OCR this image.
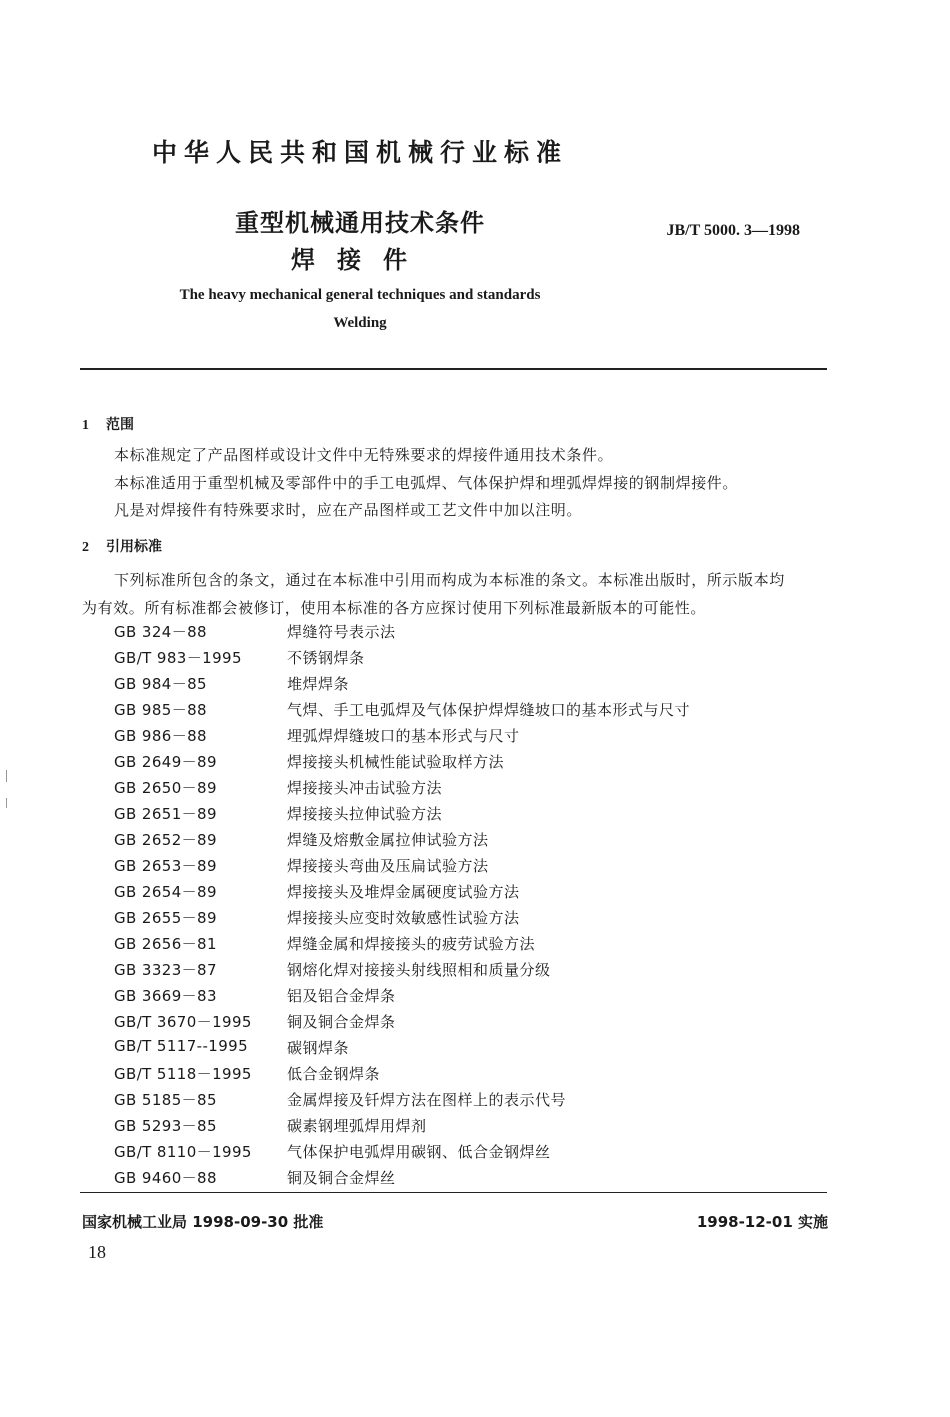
中华人民共和国机械行业标准
重型机械通用技术条件
焊接件
JB/T 5000. 3—1998
The heavy mechanical general techniques and standards
Welding
1 范围
本标准规定了产品图样或设计文件中无特殊要求的焊接件通用技术条件。
本标准适用于重型机械及零部件中的手工电弧焊、气体保护焊和埋弧焊焊接的钢制焊接件。
凡是对焊接件有特殊要求时，应在产品图样或工艺文件中加以注明。
2 引用标准
下列标准所包含的条文，通过在本标准中引用而构成为本标准的条文。本标准出版时，所示版本均
为有效。所有标准都会被修订，使用本标准的各方应探讨使用下列标准最新版本的可能性。
GB 324－88	焊缝符号表示法
GB/T 983－1995	不锈钢焊条
GB 984－85	堆焊焊条
GB 985－88	气焊、手工电弧焊及气体保护焊焊缝坡口的基本形式与尺寸
GB 986－88	埋弧焊焊缝坡口的基本形式与尺寸
GB 2649－89	焊接接头机械性能试验取样方法
GB 2650－89	焊接接头冲击试验方法
GB 2651－89	焊接接头拉伸试验方法
GB 2652－89	焊缝及熔敷金属拉伸试验方法
GB 2653－89	焊接接头弯曲及压扁试验方法
GB 2654－89	焊接接头及堆焊金属硬度试验方法
GB 2655－89	焊接接头应变时效敏感性试验方法
GB 2656－81	焊缝金属和焊接接头的疲劳试验方法
GB 3323－87	钢熔化焊对接接头射线照相和质量分级
GB 3669－83	铝及铝合金焊条
GB/T 3670－1995 铜及铜合金焊条
GB/T 5117--1995	碳钢焊条
GB/T 5118－1995 低合金钢焊条
GB 5185－85	金属焊接及钎焊方法在图样上的表示代号
GB 5293－85	碳素钢埋弧焊用焊剂
GB/T 8110－1995 气体保护电弧焊用碳钢、低合金钢焊丝
GB 9460－88	铜及铜合金焊丝
国家机械工业局 1998-09-30 批准	1998-12-01 实施
18
